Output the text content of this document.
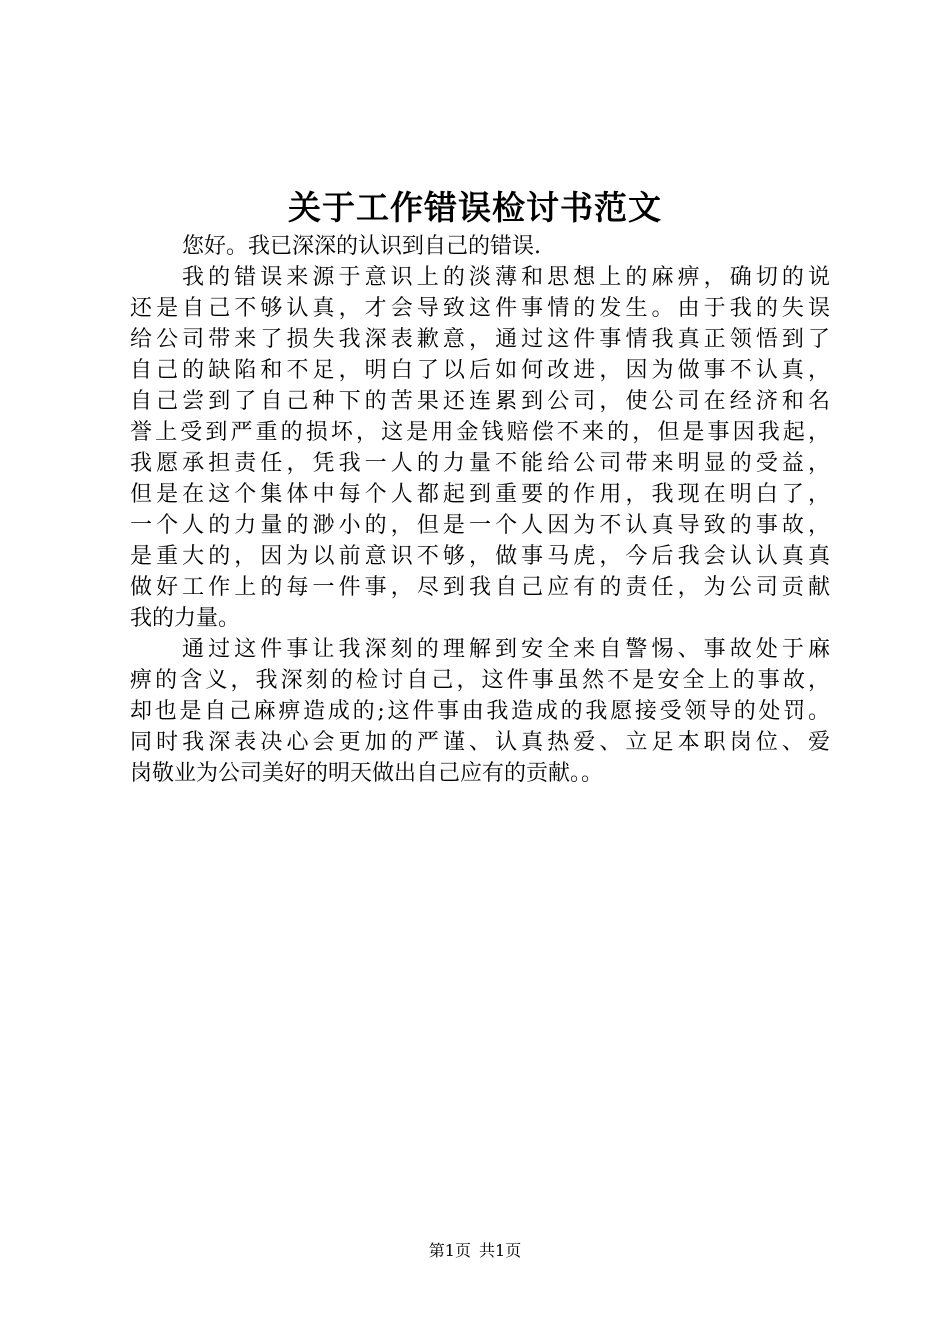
关于工作错误检讨书范文
您好。我已深深的认识到自己的错误.
我的错误来源于意识上的淡薄和思想上的麻痹，确切的说
还是自己不够认真，才会导致这件事情的发生。由于我的失误
给公司带来了损失我深表歉意，通过这件事情我真正领悟到了
自己的缺陷和不足，明白了以后如何改进，因为做事不认真，
自己尝到了自己种下的苦果还连累到公司，使公司在经济和名
誉上受到严重的损坏，这是用金钱赔偿不来的，但是事因我起，
我愿承担责任，凭我一人的力量不能给公司带来明显的受益，
但是在这个集体中每个人都起到重要的作用，我现在明白了，
一个人的力量的渺小的，但是一个人因为不认真导致的事故，
是重大的，因为以前意识不够，做事马虎，今后我会认认真真
做好工作上的每一件事，尽到我自己应有的责任，为公司贡献
我的力量。
通过这件事让我深刻的理解到安全来自警惕、事故处于麻
痹的含义，我深刻的检讨自己，这件事虽然不是安全上的事故，
却也是自己麻痹造成的;这件事由我造成的我愿接受领导的处罚。
同时我深表决心会更加的严谨、认真热爱、立足本职岗位、爱
岗敬业为公司美好的明天做出自己应有的贡献。。
第1页 共1页
